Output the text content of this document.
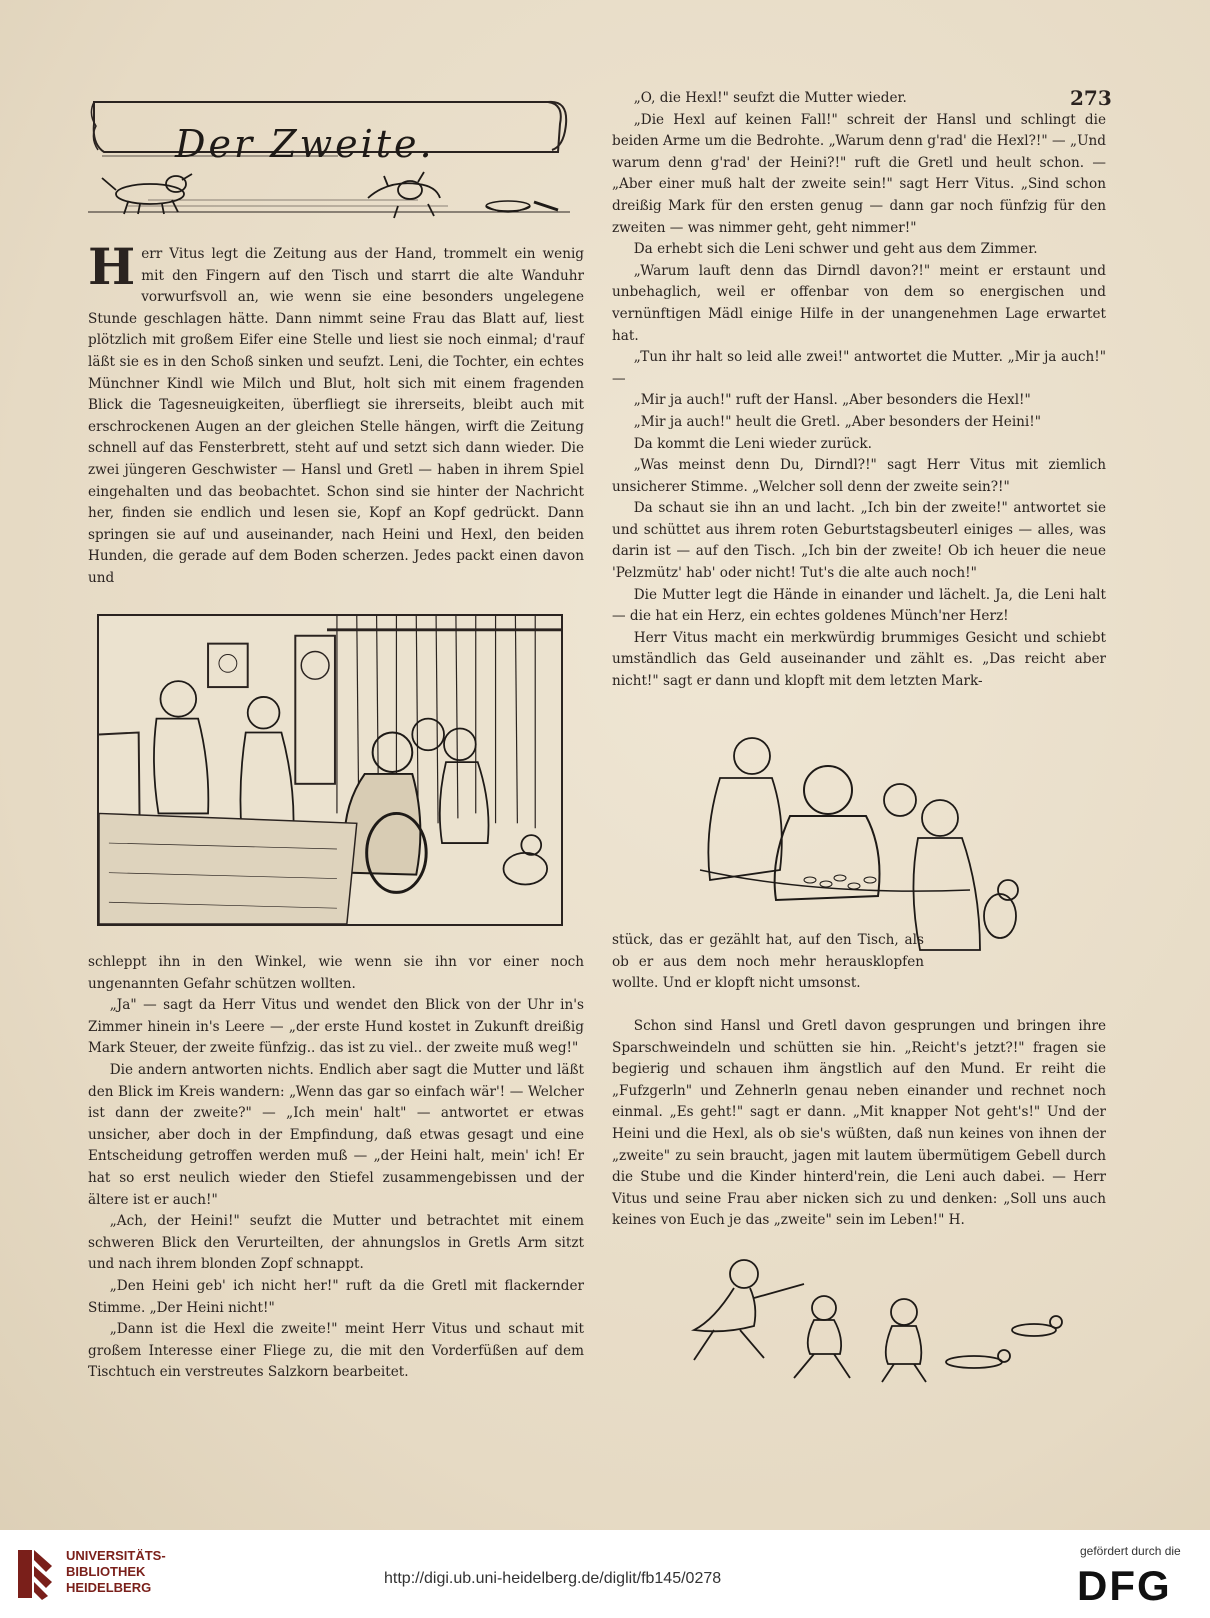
Der Zweite.
273

Herr Vitus legt die Zeitung aus der Hand, trommelt ein wenig mit den Fingern auf den Tisch und starrt die alte Wanduhr vorwurfsvoll an, wie wenn sie eine besonders ungelegene Stunde geschlagen hätte. Dann nimmt seine Frau das Blatt auf, liest plötzlich mit großem Eifer eine Stelle und liest sie noch einmal; d'rauf läßt sie es in den Schoß sinken und seufzt. Leni, die Tochter, ein echtes Münchner Kindl wie Milch und Blut, holt sich mit einem fragenden Blick die Tagesneuigkeiten, überfliegt sie ihrerseits, bleibt auch mit erschrockenen Augen an der gleichen Stelle hängen, wirft die Zeitung schnell auf das Fensterbrett, steht auf und setzt sich dann wieder. Die zwei jüngeren Geschwister — Hansl und Gretl — haben in ihrem Spiel eingehalten und das beobachtet. Schon sind sie hinter der Nachricht her, finden sie endlich und lesen sie, Kopf an Kopf gedrückt. Dann springen sie auf und auseinander, nach Heini und Hexl, den beiden Hunden, die gerade auf dem Boden scherzen. Jedes packt einen davon und

schleppt ihn in den Winkel, wie wenn sie ihn vor einer noch ungenannten Gefahr schützen wollten.

„Ja" — sagt da Herr Vitus und wendet den Blick von der Uhr in's Zimmer hinein in's Leere — „der erste Hund kostet in Zukunft dreißig Mark Steuer, der zweite fünfzig.. das ist zu viel.. der zweite muß weg!"

Die andern antworten nichts. Endlich aber sagt die Mutter und läßt den Blick im Kreis wandern: „Wenn das gar so einfach wär'! — Welcher ist dann der zweite?" — „Ich mein' halt" — antwortet er etwas unsicher, aber doch in der Empfindung, daß etwas gesagt und eine Entscheidung getroffen werden muß — „der Heini halt, mein' ich! Er hat so erst neulich wieder den Stiefel zusammengebissen und der ältere ist er auch!"

„Ach, der Heini!" seufzt die Mutter und betrachtet mit einem schweren Blick den Verurteilten, der ahnungslos in Gretls Arm sitzt und nach ihrem blonden Zopf schnappt.

„Den Heini geb' ich nicht her!" ruft da die Gretl mit flackernder Stimme. „Der Heini nicht!"

„Dann ist die Hexl die zweite!" meint Herr Vitus und schaut mit großem Interesse einer Fliege zu, die mit den Vorderfüßen auf dem Tischtuch ein verstreutes Salzkorn bearbeitet.

„O, die Hexl!" seufzt die Mutter wieder.

„Die Hexl auf keinen Fall!" schreit der Hansl und schlingt die beiden Arme um die Bedrohte. „Warum denn g'rad' die Hexl?!" — „Und warum denn g'rad' der Heini?!" ruft die Gretl und heult schon. — „Aber einer muß halt der zweite sein!" sagt Herr Vitus. „Sind schon dreißig Mark für den ersten genug — dann gar noch fünfzig für den zweiten — was nimmer geht, geht nimmer!"

Da erhebt sich die Leni schwer und geht aus dem Zimmer.

„Warum lauft denn das Dirndl davon?!" meint er erstaunt und unbehaglich, weil er offenbar von dem so energischen und vernünftigen Mädl einige Hilfe in der unangenehmen Lage erwartet hat.

„Tun ihr halt so leid alle zwei!" antwortet die Mutter. „Mir ja auch!" —

„Mir ja auch!" ruft der Hansl. „Aber besonders die Hexl!"

„Mir ja auch!" heult die Gretl. „Aber besonders der Heini!"

Da kommt die Leni wieder zurück.

„Was meinst denn Du, Dirndl?!" sagt Herr Vitus mit ziemlich unsicherer Stimme. „Welcher soll denn der zweite sein?!"

Da schaut sie ihn an und lacht. „Ich bin der zweite!" antwortet sie und schüttet aus ihrem roten Geburtstagsbeuterl einiges — alles, was darin ist — auf den Tisch. „Ich bin der zweite! Ob ich heuer die neue 'Pelzmütz' hab' oder nicht! Tut's die alte auch noch!"

Die Mutter legt die Hände in einander und lächelt. Ja, die Leni halt — die hat ein Herz, ein echtes goldenes Münch'ner Herz!

Herr Vitus macht ein merkwürdig brummiges Gesicht und schiebt umständlich das Geld auseinander und zählt es. „Das reicht aber nicht!" sagt er dann und klopft mit dem letzten Mark-

stück, das er gezählt hat, auf den Tisch, als ob er aus dem noch mehr herausklopfen wollte. Und er klopft nicht umsonst.

Schon sind Hansl und Gretl davon gesprungen und bringen ihre Sparschweindeln und schütten sie hin. „Reicht's jetzt?!" fragen sie begierig und schauen ihm ängstlich auf den Mund. Er reiht die „Fufzgerln" und Zehnerln genau neben einander und rechnet noch einmal. „Es geht!" sagt er dann. „Mit knapper Not geht's!" Und der Heini und die Hexl, als ob sie's wüßten, daß nun keines von ihnen der „zweite" zu sein braucht, jagen mit lautem übermütigem Gebell durch die Stube und die Kinder hinterd'rein, die Leni auch dabei. — Herr Vitus und seine Frau aber nicken sich zu und denken: „Soll uns auch keines von Euch je das „zweite" sein im Leben!" H.

UNIVERSITÄTS-
BIBLIOTHEK
HEIDELBERG
http://digi.ub.uni-heidelberg.de/diglit/fb145/0278
gefördert durch die
DFG
